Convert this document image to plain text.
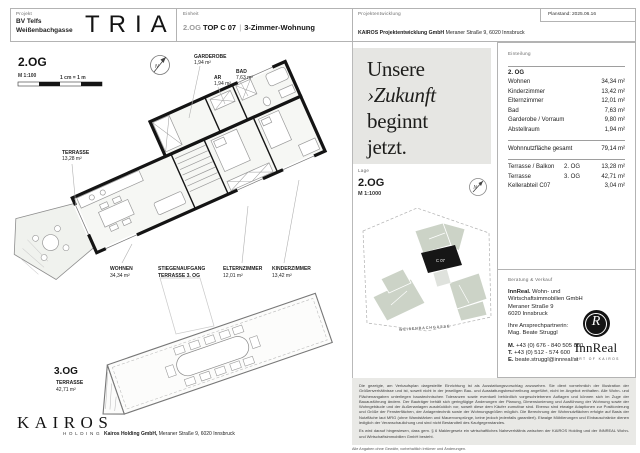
Projekt
BV Telfs
Weißenbachgasse TRIA Einheit
2.OG TOP C 07 | 3-Zimmer-Wohnung
Projektentwicklung
KAIROS Projektentwicklung GmbH Meraner Straße 9, 6020 Innsbruck
Planstand: 2025.06.16
2.OG
M 1:100	1 cm = 1 m
N
GARDEROBE
1,94 m²
AR
1,94 m²
BAD
7,63 m²
TERRASSE
13,28 m²
WOHNEN
34,34 m²
STIEGENAUFGANG
TERRASSE 3. OG
ELTERNZIMMER
12,01 m²
KINDERZIMMER
13,42 m²
3.OG
TERRASSE
42,71 m²
Unsere
›Zukunft
beginnt
jetzt.
Lage
2.OG
M 1:1000
N
C 07
WEIßENBACHGASSE
Einteilung
2. OG
Wohnen	34,34 m²
Kinderzimmer	13,42 m²
Elternzimmer	12,01 m²
Bad	7,63 m²
Garderobe / Vorraum	9,80 m²
Abstellraum	1,94 m²
Wohnnutzfläche gesamt	79,14 m²
Terrasse / Balkon	2. OG	13,28 m²
Terrasse	3. OG	42,71 m²
Kellerabteil C07	3,04 m²
Beratung & Verkauf
InnReal. Wohn- und
Wirtschaftsimmobilien GmbH
Meraner Straße 9
6020 Innsbruck
Ihre Ansprechpartnerin:
Mag. Beate Struggl
M. +43 (0) 676 - 840 505 880
T. +43 (0) 512 - 574 600
E. beate.struggl@innreal.at
R
InnReal
PART OF KAIROS

Die gezeigte, am Verkaufsplan dargestellte Einrichtung ist als Ausstattungsvorschlag anzusehen. Sie dient vornehmlich der Illustration der Größenverhältnisse und ist, soweit nicht in der jeweiligen Bau- und Ausstattungsbeschreibung angeführt, nicht im Angebot enthalten. Alle Wohn- und Flächenangaben unterliegen baustechnischen Toleranzen sowie eventuell behördlich vorgeschriebenen Auflagen und können sich im Zuge der Bauausführung ändern. Der Bauträger behält sich geringfügige Änderungen der Planung, Dimensionierung und Ausführung der Wohnung sowie der Wohngebäude und der Außenanlagen ausdrücklich vor, soweit diese dem Käufer zumutbar sind. Ebenso sind etwaige Adaptionen zur Positionierung und Größe der Fensterflächen, der Anlagentechnik sowie der Wohnungsgrößen möglich. Die Berechnung der Wohnnutzflächen erfolgte auf Basis der Nutzfläche laut MRG (ohne Wandstärken und Mauervorsprünge, keine jedoch jedenfalls garantiert). Etwaige Möblierungen und Einbauschränke dienen lediglich der Veranschaulichung und sind nicht Bestandteil des Kaufgegenstandes.

Es wird darauf hingewiesen, dass gem. § 6 Maklergesetz ein wirtschaftliches Naheverhältnis zwischen der KAIROS Holding und der INNREAL Wohn- und Wirtschaftsimmobilien GmbH besteht.

Alle Angaben ohne Gewähr, vorbehaltlich Irrtümer und Änderungen.
KAIROS
HOLDING Kairos Holding GmbH, Meraner Straße 9, 6020 Innsbruck
